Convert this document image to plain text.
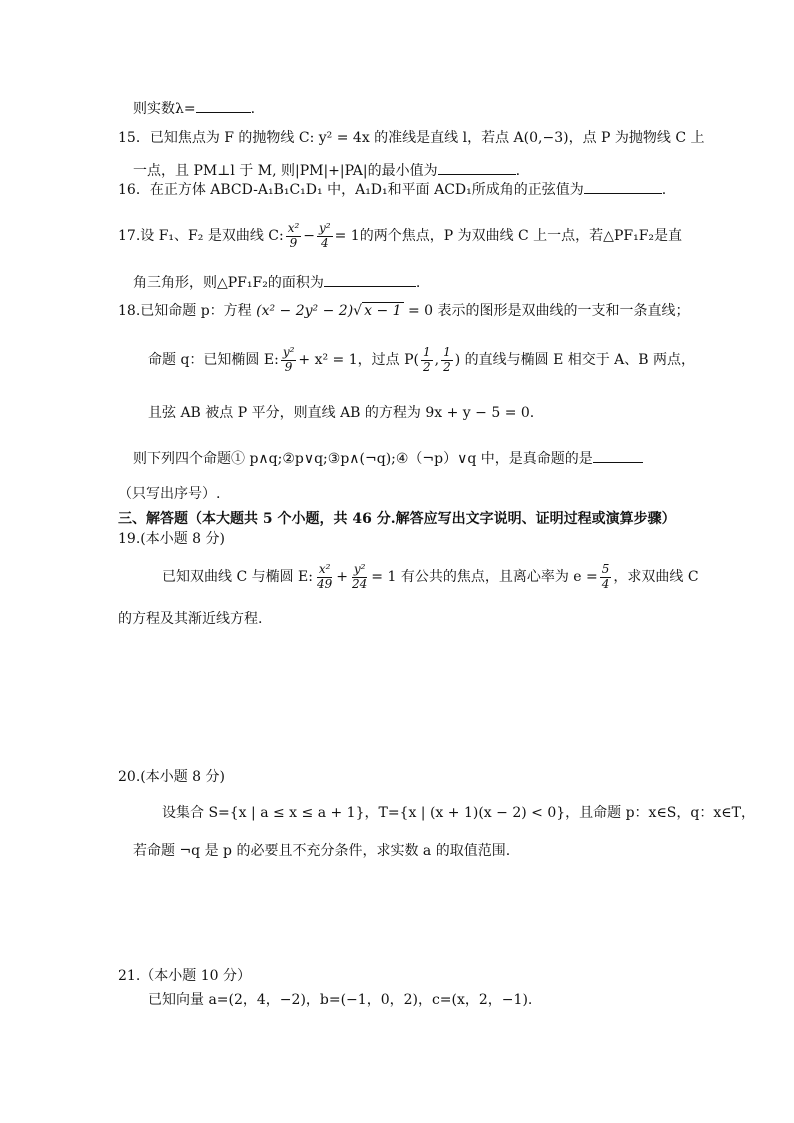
则实数λ=	.
15．已知焦点为 F 的抛物线 C: y² = 4x 的准线是直线 l，若点 A(0,−3)，点 P 为抛物线 C 上
一点，且 PM⊥l 于 M, 则|PM|+|PA|的最小值为	.
16．在正方体 ABCD-A₁B₁C₁D₁ 中，A₁D₁和平面 ACD₁所成角的正弦值为	.
17.设 F₁、F₂ 是双曲线 C: $\frac{\text{x²}}{9} - \frac{\text{y²}}{4} = 1$ 的两个焦点，P 为双曲线 C 上一点，若△PF₁F₂是直
角三角形，则△PF₁F₂的面积为	.
18.已知命题 p：方程 (x² − 2y² − 2)√ x − 1 = 0 表示的图形是双曲线的一支和一条直线；
命题 q：已知椭圆 E: $\frac{\text{y²}}{9} + x^2 = 1$，过点 $P( \frac{1}{2}$ , $\frac{1}{2}$ ) 的直线与椭圆 E 相交于 A、B 两点，
且弦 AB 被点 P 平分，则直线 AB 的方程为 9x + y − 5 = 0.
则下列四个命题① p∧q;②p∨q;③p∧(¬q);④（¬p）∨q 中，是真命题的是
（只写出序号）.
三、解答题（本大题共 5 个小题，共 46 分.解答应写出文字说明、证明过程或演算步骤）
19.(本小题 8 分)
已知双曲线 C 与椭圆 E: $\frac{\text{x²}}{49} + \frac{\text{y²}}{24} = 1$ 有公共的焦点，且离心率为 $e = \frac{5}{4}$ ，求双曲线 C
的方程及其渐近线方程.
20.(本小题 8 分)
设集合 S={x | a ≤ x ≤ a + 1}，T={x | (x + 1)(x − 2) < 0}，且命题 p：x∈S，q：x∈T，
若命题 ¬q 是 p 的必要且不充分条件，求实数 a 的取值范围.
21.（本小题 10 分）
已知向量 a=(2，4，−2)，b=(−1，0，2)，c=(x，2，−1).
